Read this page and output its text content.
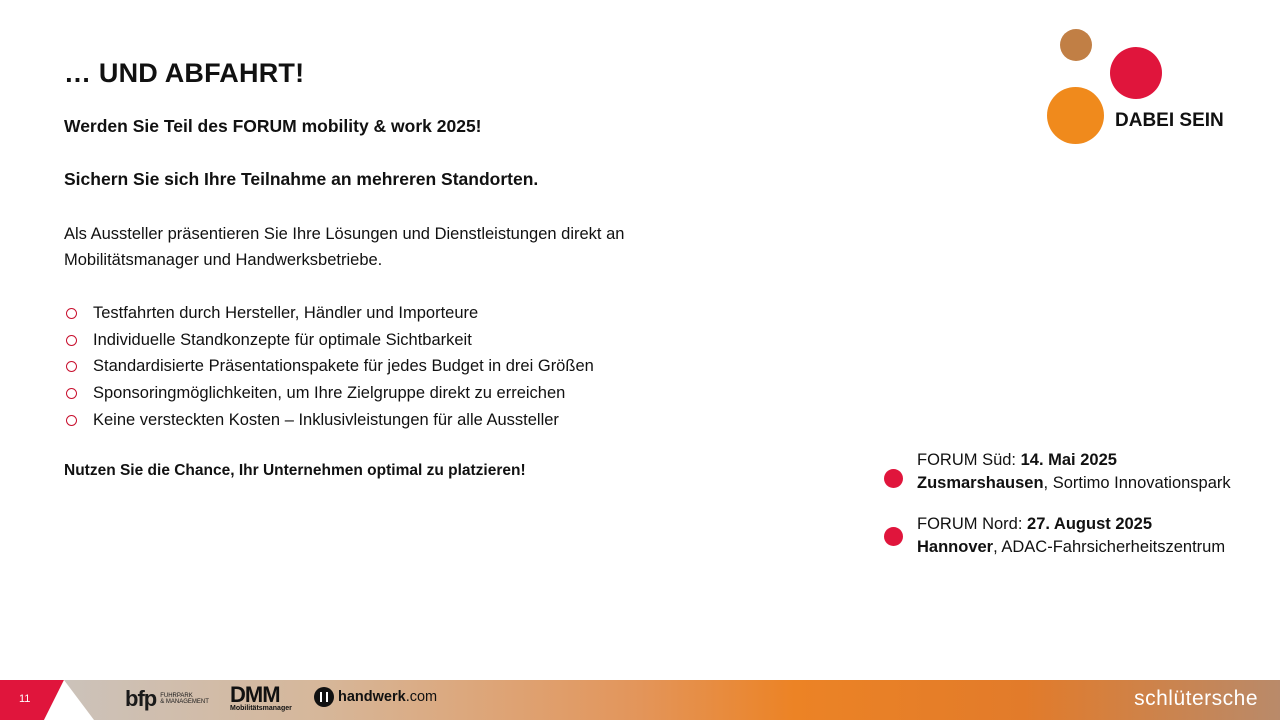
… UND ABFAHRT!
Werden Sie Teil des FORUM mobility & work 2025!
Sichern Sie sich Ihre Teilnahme an mehreren Standorten.
Als Aussteller präsentieren Sie Ihre Lösungen und Dienstleistungen direkt an
Mobilitätsmanager und Handwerksbetriebe.
Testfahrten durch Hersteller, Händler und Importeure
Individuelle Standkonzepte für optimale Sichtbarkeit
Standardisierte Präsentationspakete für jedes Budget in drei Größen
Sponsoringmöglichkeiten, um Ihre Zielgruppe direkt zu erreichen
Keine versteckten Kosten – Inklusivleistungen für alle Aussteller
Nutzen Sie die Chance, Ihr Unternehmen optimal zu platzieren!
DABEI SEIN
FORUM Süd: 14. Mai 2025
Zusmarshausen, Sortimo Innovationspark
FORUM Nord: 27. August 2025
Hannover, ADAC-Fahrsicherheitszentrum
11	bfp FUHRPARK
& MANAGEMENT DMM
Mobilitätsmanager
handwerk.com	schlütersche
